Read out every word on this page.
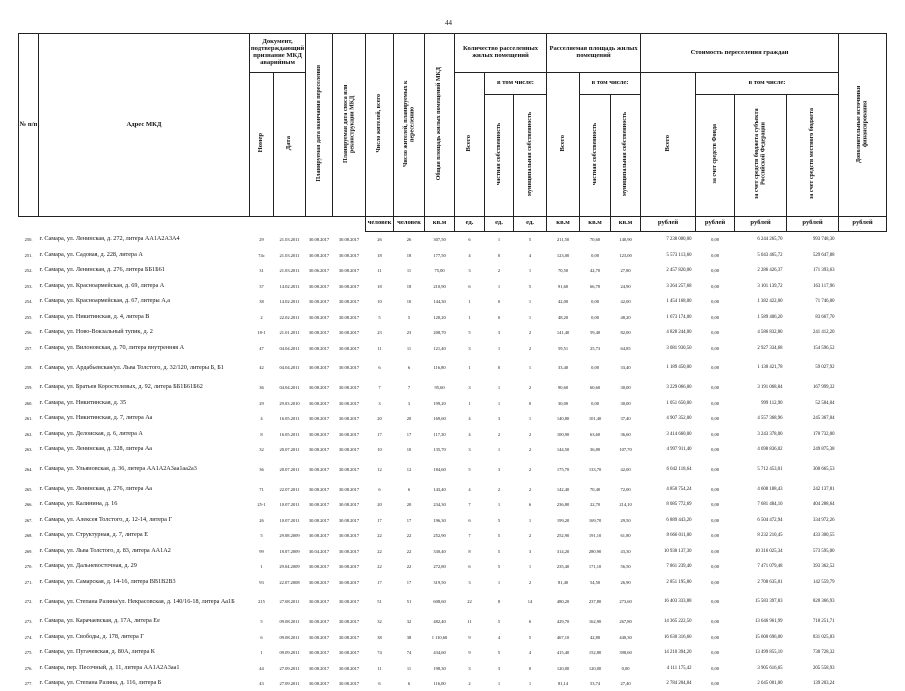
44
№ п/п	Адрес МКД	Документ, подтверждающий признание МКД аварийным		Планируемая дата окончания переселения	Планируемая дата сноса или реконструкции МКД	Число жителей, всего	Число жителей, планируемых к переселению	Общая площадь жилых помещений МКД	Количество расселенных жилых помещений			Расселяемая площадь жилых помещений			Стоимость переселения граждан				Дополнительные источники финансирования
		Номер	Дата						Всего	в том числе:		Всего	в том числе:		Всего	в том числе:			
										частная собственность	муниципальная собственность		частная собственность	муниципальная собственность		за счет средств Фонда	за счет средств бюджета субъекта Российской Федерации	за счет средств местного бюджета	
						человек	человек	кв.м	ед.	ед.	ед.	кв.м	кв.м	кв.м	рублей	рублей	рублей	рублей	рублей
250.	г. Самара, ул. Ленинская, д. 272, литера АА1А2А3А4	29	21.03.2011	30.08.2017	30.08.2017	26	26	307,50	6	1	5	211,50	70,60	140,90	7 238 000,00	0,00	6 244 265,70	993 748,30	
251.	г. Самара, ул. Садовая, д. 228, литера А	74с	21.03.2011	30.08.2017	30.08.2017	18	18	177,50	4	0	4	123,00	0,00	123,00	5 573 113,60	0,00	5 043 465,72	529 647,88	
252.	г. Самара, ул. Ленинская, д. 276, литера ББ1Б61	31	21.03.2011	30.06.2017	30.08.2017	11	11	75,00	3	2	1	70,50	42,70	27,80	2 457 820,00	0,00	2 286 426,37	171 393,63	
253.	г. Самара, ул. Красноармейская, д. 69, литера А	37	14.02.2011	30.08.2017	30.08.2017	18	18	210,90	6	1	5	91,60	66,70	24,90	3 264 257,68	0,00	3 101 139,72	163 117,96	
254.	г. Самара, ул. Красноармейская, д. 67, литеры А,а	38	14.02.2011	30.08.2017	30.08.2017	10	10	144,30	1	0	1	42,00	0,00	42,00	1 454 168,00	0,00	1 382 422,00	71 746,00	
255.	г. Самара, ул. Никитинская, д. 4, литера В	2	22.02.2011	30.08.2017	30.08.2017	5	5	120,20	1	0	1	48,20	0,00	48,20	1 673 174,00	0,00	1 589 406,20	83 667,70	
256.	г. Самара, ул. Ново-Вокзальный тупик, д. 2	18-1	21.01.2011	30.08.2017	30.08.2017	23	23	208,70	5	3	2	141,40	59,40	82,00	4 828 244,00	0,00	4 586 832,80	241 412,20	
257.	г. Самара, ул. Вилоновская, д. 70, литера внутренняя А	47	04.04.2011	30.08.2017	30.08.2017	11	11	121,40	3	1	2	59,51	25,73	64,85	3 081 930,50	0,00	2 927 334,68	154 596,52	
258.	г. Самара, ул. Ардабьевская/ул. Льва Толстого, д. 32/120, литеры Б, Б1	42	04.04.2011	30.08.2017	30.08.2017	6	6	116,80	1	0	1	33,40	0,00	33,40	1 189 450,00	0,00	1 130 421,78	59 027,92	
259.	г. Самара, ул. Братьев Коростелевых, д. 92, литера ББ1Б61Б62	36	04.04.2011	30.08.2017	30.08.2017	7	7	95,60	3	1	2	90,60	60,60	30,00	3 229 066,00	0,00	3 191 068,84	167 999,32	
260.	г. Самара, ул. Никитинская, д. 35	29	29.03.2010	30.08.2017	30.08.2017	3	3	199,20	1	1	0	30,00	0,00	30,00	1 051 650,00	0,00	999 112,90	52 584,04	
261.	г. Самара, ул. Никитинская, д. 7, литера Аа	4	16.05.2011	30.08.2017	30.08.2017	20	20	169,60	4	3	1	140,80	101,40	37,40	4 907 352,00	0,00	4 557 368,96	245 367,04	
262.	г. Самара, ул. Делоиская, д. 6, литера А	8	16.05.2011	30.08.2017	30.08.2017	17	17	117,30	4	2	2	100,90	63,60	36,60	3 414 660,00	0,00	3 243 378,00	170 732,00	
263.	г. Самара, ул. Ленинская, д. 328, литера Аа	32	20.07.2011	30.08.2017	30.08.2017	10	10	135,70	3	1	2	144,50	36,80	107,70	4 997 911,40	0,00	4 698 836,02	249 875,38	
264.	г. Самара, ул. Ульяновская, д. 36, литера АА1А2А3аа1аа2а3	36	20.07.2011	30.08.2017	30.08.2017	12	12	184,60	5	3	2	175,70	133,70	42,00	6 042 118,64	0,00	5 712 453,01	300 665,53	
265.	г. Самара, ул. Ленинская, д. 276, литера Аа	71	22.07.2011	30.08.2017	30.08.2017	6	6	143,40	4	2	2	142,40	70,40	72,00	4 850 754,24	0,00	4 608 188,43	242 137,81	
266.	г. Самара, ул. Калинина, д. 16	25-1	10.07.2011	30.08.2017	30.08.2017	20	20	234,30	7	1	6	236,80	22,70	214,10	8 085 772,69	0,00	7 681 484,10	404 288,64	
267.	г. Самара, ул. Алексея Толстого, д. 12-14, литера Г	26	10.07.2011	30.08.2017	30.08.2017	17	17	196,30	6	5	1	199,20	169,70	29,50	6 889 443,20	0,00	6 504 472,94	334 972,26	
268.	г. Самара, ул. Структурная, д. 7, литера Е	5	29.08.2009	30.08.2017	30.08.2017	22	22	252,90	7	5	2	252,90	191,10	61,80	8 666 011,00	0,00	8 232 210,45	433 300,55	
269.	г. Самара, ул. Льва Толстого, д. 83, литера АА1А2	99	18.07.2009	30.04.2017	30.08.2017	22	22	330,40	8	5	3	314,20	280,90	43,30	10 930 137,30	0,00	10 316 025,34	573 595,00	
270.	г. Самара, ул. Дальневосточная, д. 29	1	29.04.2009	30.08.2017	30.08.2017	22	22	272,80	6	5	1	235,40	171,10	56,50	7 861 239,40	0,00	7 471 079,48	393 362,52	
271.	г. Самара, ул. Самарская, д. 14-16, литера ВВ1В2В3	93	22.07.2008	30.08.2017	30.08.2017	17	17	319,50	3	1	2	81,40	54,50	26,90	2 851 195,80	0,00	2 708 635,01	142 559,79	
272.	г. Самара, ул. Степана Разина/ул. Некрасовская, д. 140/16-18, литера Аа1Б	215	27.08.2011	30.08.2017	30.08.2017	51	51	608,60	22	8	14	480,20	237,80	273,60	16 403 333,88	0,00	15 583 397,83	820 366,93	
273.	г. Самара, ул. Карачаевская, д. 17А, литера Ее	5	09.08.2011	30.08.2017	30.08.2017	32	32	482,40	11	5	6	429,70	162,90	267,80	14 365 222,50	0,00	13 646 961,99	718 251,71	
274.	г. Самара, ул. Свободы, д. 178, литера Г	6	09.08.2011	30.08.2017	30.08.2017	38	38	1 110,60	9	4	5	467,10	42,80	440,30	16 630 316,60	0,00	15 600 696,00	831 025,83	
275.	г. Самара, ул. Пугачевская, д. 80А, литера К	1	09.09.2011	30.08.2017	30.08.2017	74	74	434,60	9	5	4	415,40	152,80	398,60	14 210 394,20	0,00	13 499 855,10	738 728,32	
276.	г. Самара, пер. Песочный, д. 11, литера АА1А2А3аа1	44	27.09.2011	30.08.2017	30.08.2017	11	11	198,30	3	3	0	120,00	120,00	0,00	4 111 175,42	0,00	3 905 616,65	205 558,93	
277.	г. Самара, ул. Степана Разина, д. 116, литера Б	43	27.09.2011	30.08.2017	30.08.2017	6	6	116,00	2	1	1	81,14	53,74	27,40	2 784 204,84	0,00	2 645 001,00	139 203,24	
